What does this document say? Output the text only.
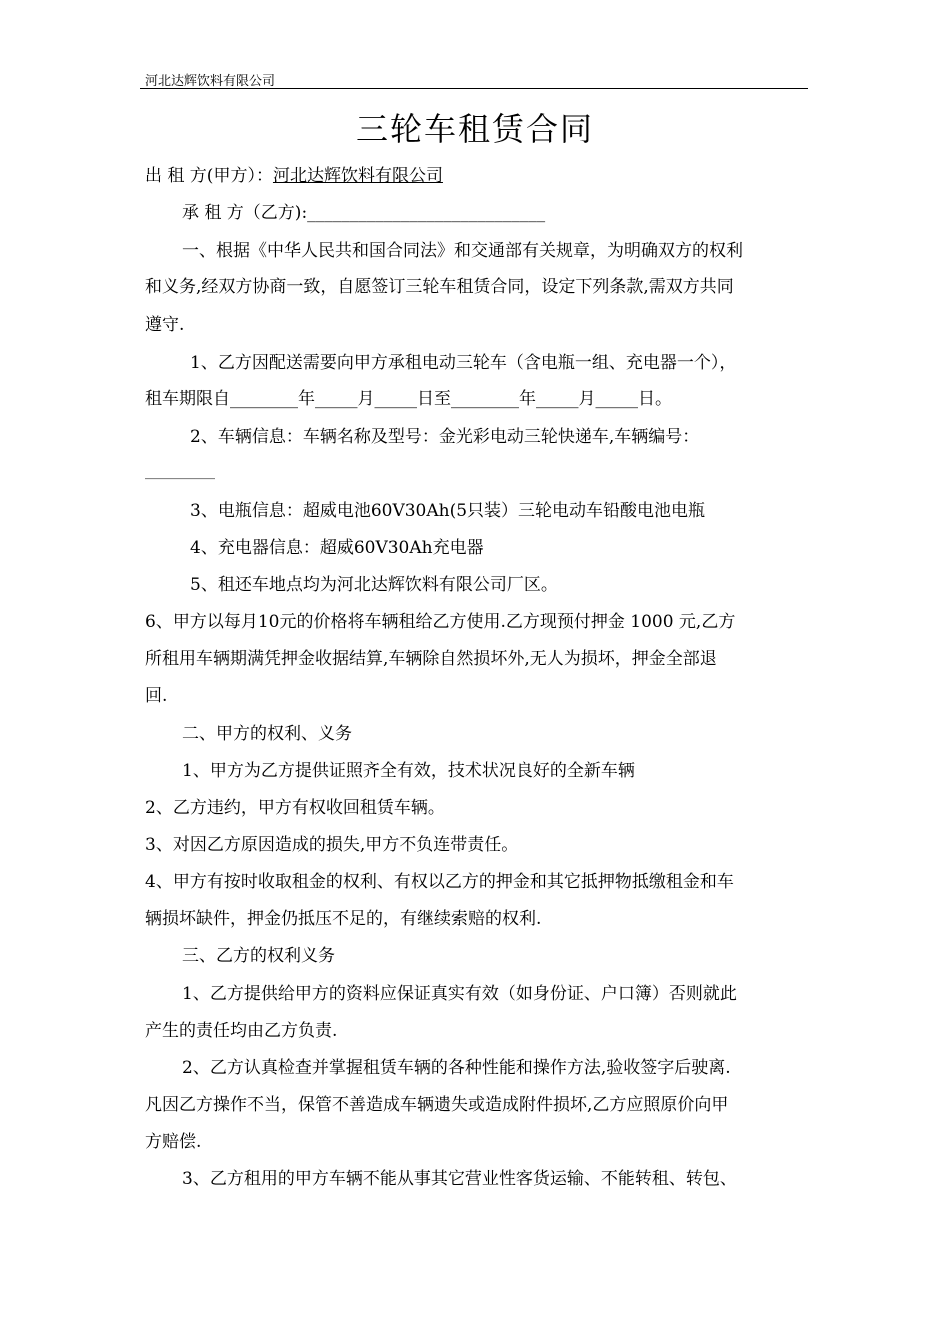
河北达辉饮料有限公司
三轮车租赁合同
出 租 方(甲方）：河北达辉饮料有限公司
承 租 方（乙方):____________________________
一、根据《中华人民共和国合同法》和交通部有关规章，为明确双方的权利
和义务,经双方协商一致，自愿签订三轮车租赁合同，设定下列条款,需双方共同
遵守.
1、乙方因配送需要向甲方承租电动三轮车（含电瓶一组、充电器一个），
租车期限自________年_____月_____日至________年_____月_____日。
2、车辆信息：车辆名称及型号：金光彩电动三轮快递车,车辆编号：
__________
3、电瓶信息：超威电池60V30Ah(5只装）三轮电动车铅酸电池电瓶
4、充电器信息：超威60V30Ah充电器
5、租还车地点均为河北达辉饮料有限公司厂区。
6、甲方以每月10元的价格将车辆租给乙方使用.乙方现预付押金 1000 元,乙方
所租用车辆期满凭押金收据结算,车辆除自然损坏外,无人为损坏，押金全部退
回.
二、甲方的权利、义务
1、甲方为乙方提供证照齐全有效，技术状况良好的全新车辆
2、乙方违约，甲方有权收回租赁车辆。
3、对因乙方原因造成的损失,甲方不负连带责任。
4、甲方有按时收取租金的权利、有权以乙方的押金和其它抵押物抵缴租金和车
辆损坏缺件，押金仍抵压不足的，有继续索赔的权利.
三、乙方的权利义务
1、乙方提供给甲方的资料应保证真实有效（如身份证、户口簿）否则就此
产生的责任均由乙方负责.
2、乙方认真检查并掌握租赁车辆的各种性能和操作方法,验收签字后驶离.
凡因乙方操作不当，保管不善造成车辆遗失或造成附件损坏,乙方应照原价向甲
方赔偿.
3、乙方租用的甲方车辆不能从事其它营业性客货运输、不能转租、转包、
